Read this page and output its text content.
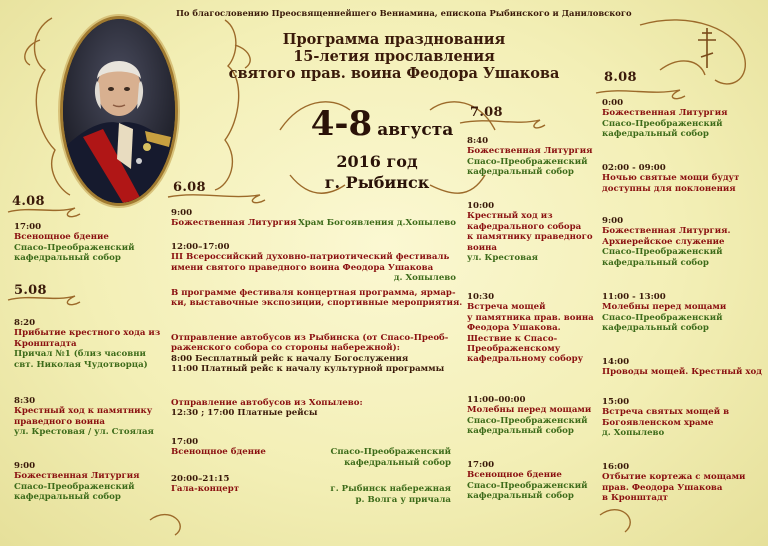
По благословению Преосвященнейшего Вениамина, епископа Рыбинского и Даниловского
Программа празднования
15-летия прославления
святого прав. воина Феодора Ушакова
4-8 августа
2016 год
г. Рыбинск
4.08
5.08
6.08
7.08
8.08
17:00
Всенощное бдение
Спасо-Преображенский
кафедральный собор
8:20
Прибытие крестного хода из
Кронштадта
Причал №1 (близ часовни
свт. Николая Чудотворца)
8:30
Крестный ход к памятнику
праведного воина
ул. Крестовая / ул. Стоялая
9:00
Божественная Литургия
Спасо-Преображенский
кафедральный собор
9:00
Божественная Литургия Храм Богоявления д.Хопылево
12:00–17:00
III Всероссийский духовно-патриотический фестиваль
имени святого праведного воина Феодора Ушакова
д. Хопылево
В программе фестиваля концертная программа, ярмар-
ки, выставочные экспозиции, спортивные мероприятия.
Отправление автобусов из Рыбинска (от Спасо-Преоб-
раженского собора со стороны набережной):
8:00 Бесплатный рейс к началу Богослужения
11:00 Платный рейс к началу культурной программы
Отправление автобусов из Хопылево:
12:30 ; 17:00 Платные рейсы
17:00
Всенощное бдение	Спасо-Преображенский
кафедральный собор
20:00–21:15
Гала-концерт	г. Рыбинск набережная
р. Волга у причала
8:40
Божественная Литургия
Спасо-Преображенский
кафедральный собор
10:00
Крестный ход из
кафедрального собора
к памятнику праведного
воина
ул. Крестовая
10:30
Встреча мощей
у памятника прав. воина
Феодора Ушакова.
Шествие к Спасо-
Преображенскому
кафедральному собору
11:00–00:00
Молебны перед мощами
Спасо-Преображенский
кафедральный собор
17:00
Всенощное бдение
Спасо-Преображенский
кафедральный собор
0:00
Божественная Литургия
Спасо-Преображенский
кафедральный собор
02:00 - 09:00
Ночью святые мощи будут
доступны для поклонения
9:00
Божественная Литургия.
Архиерейское служение
Спасо-Преображенский
кафедральный собор
11:00 - 13:00
Молебны перед мощами
Спасо-Преображенский
кафедральный собор
14:00
Проводы мощей. Крестный ход
15:00
Встреча святых мощей в
Богоявленском храме
д. Хопылево
16:00
Отбытие кортежа с мощами
прав. Феодора Ушакова
в Кронштадт
